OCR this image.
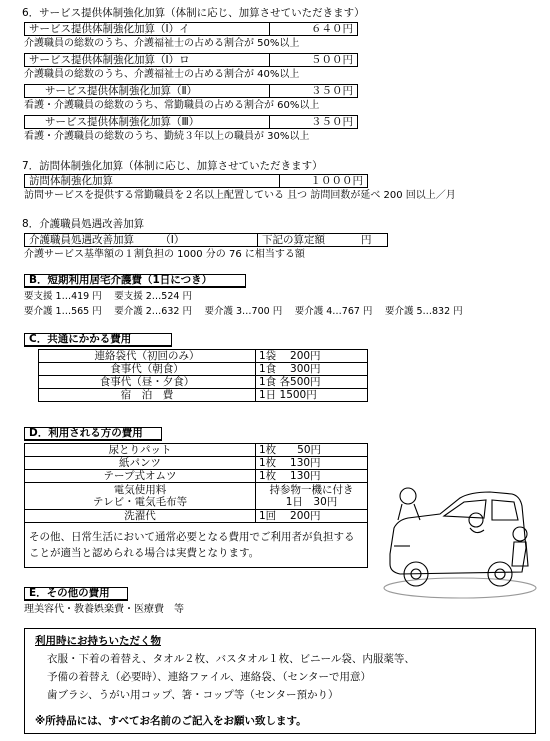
6．サービス提供体制強化加算（体制に応じ、加算させていただきます）
サービス提供体制強化加算（Ⅰ）イ	６４０円
介護職員の総数のうち、介護福祉士の占める割合が 50%以上
サービス提供体制強化加算（Ⅰ）ロ	５００円
介護職員の総数のうち、介護福祉士の占める割合が 40%以上
サービス提供体制強化加算（Ⅱ）	３５０円
看護・介護職員の総数のうち、常勤職員の占める割合が 60%以上
サービス提供体制強化加算（Ⅲ）	３５０円
看護・介護職員の総数のうち、勤続３年以上の職員が 30%以上
7．訪問体制強化加算（体制に応じ、加算させていただきます）
訪問体制強化加算	１０００円
訪問サービスを提供する常勤職員を２名以上配置している 且つ 訪問回数が延べ 200 回以上／月
8．介護職員処遇改善加算
介護職員処遇改善加算　　　（Ⅰ）	下記の算定額	円
介護サービス基準額の１割負担の 1000 分の 76 に相当する額
B．短期利用居宅介護費（1日につき）
要支援 1…419 円　 要支援 2…524 円
要介護 1…565 円　 要介護 2…632 円　 要介護 3…700 円　 要介護 4…767 円　 要介護 5…832 円
C．共通にかかる費用
連絡袋代（初回のみ）	1袋　 200円
食事代（朝食）	1食　 300円
食事代（昼・夕食）	1食 各500円
宿　泊　費	1日 1500円
D．利用される方の費用
尿とりパット	1枚　　50円
紙パンツ	1枚　 130円
テープ式オムツ	1枚　 130円
電気使用料
テレビ・電気毛布等	持参物一機に付き
1日　30円
洗濯代	1回　 200円
その他、日常生活において通常必要となる費用でご利用者が負担することが適当と認められる場合は実費となります。	
E．その他の費用
理美容代・教養娯楽費・医療費　等
利用時にお持ちいただく物
衣服・下着の着替え、タオル２枚、バスタオル１枚、ビニール袋、内服薬等、
予備の着替え（必要時）、連絡ファイル、連絡袋、（センターで用意）
歯ブラシ、うがい用コップ、箸・コップ等（センター預かり）
※所持品には、すべてお名前のご記入をお願い致します。
